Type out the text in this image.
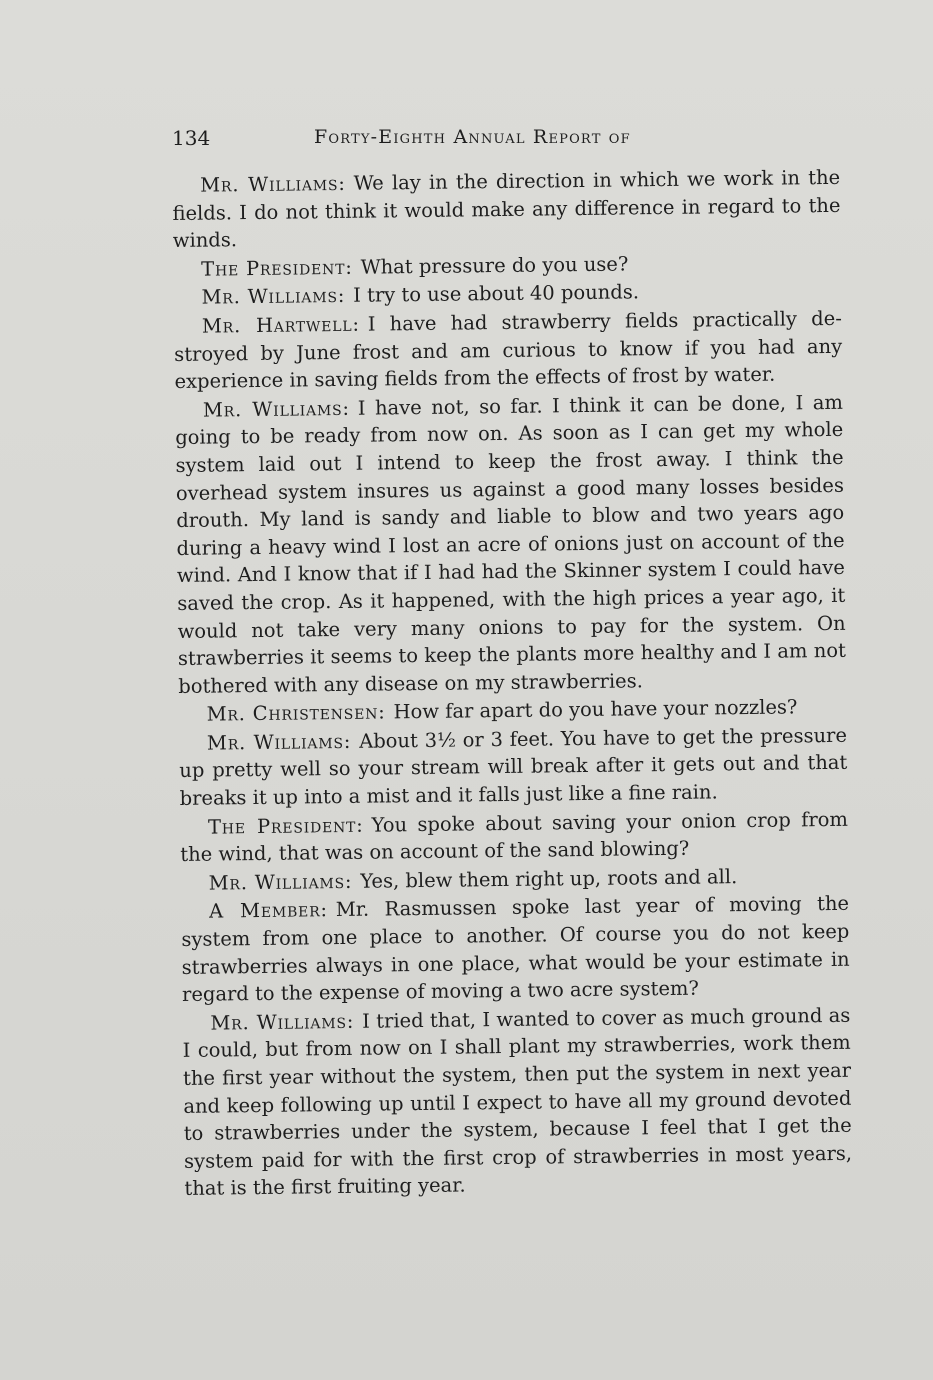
134	Forty-Eighth Annual Report of

Mr. Williams: We lay in the direction in which we work in the fields. I do not think it would make any difference in regard to the winds.

The President: What pressure do you use?

Mr. Williams: I try to use about 40 pounds.

Mr. Hartwell: I have had strawberry fields practically destroyed by June frost and am curious to know if you had any experience in saving fields from the effects of frost by water.

Mr. Williams: I have not, so far. I think it can be done, I am going to be ready from now on. As soon as I can get my whole system laid out I intend to keep the frost away. I think the overhead system insures us against a good many losses besides drouth. My land is sandy and liable to blow and two years ago during a heavy wind I lost an acre of onions just on account of the wind. And I know that if I had had the Skinner system I could have saved the crop. As it happened, with the high prices a year ago, it would not take very many onions to pay for the system. On strawberries it seems to keep the plants more healthy and I am not bothered with any disease on my strawberries.

Mr. Christensen: How far apart do you have your nozzles?

Mr. Williams: About 3½ or 3 feet. You have to get the pressure up pretty well so your stream will break after it gets out and that breaks it up into a mist and it falls just like a fine rain.

The President: You spoke about saving your onion crop from the wind, that was on account of the sand blowing?

Mr. Williams: Yes, blew them right up, roots and all.

A Member: Mr. Rasmussen spoke last year of moving the system from one place to another. Of course you do not keep strawberries always in one place, what would be your estimate in regard to the expense of moving a two acre system?

Mr. Williams: I tried that, I wanted to cover as much ground as I could, but from now on I shall plant my strawberries, work them the first year without the system, then put the system in next year and keep following up until I expect to have all my ground devoted to strawberries under the system, because I feel that I get the system paid for with the first crop of strawberries in most years, that is the first fruiting year.
